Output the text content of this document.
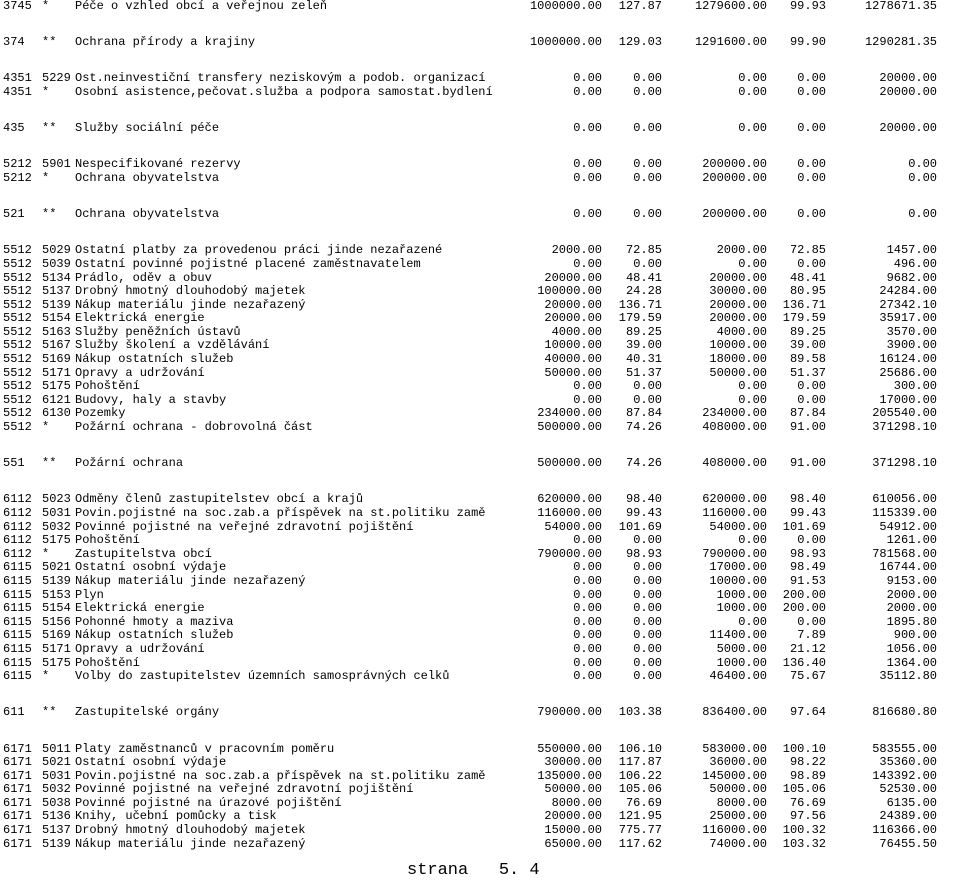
3745 * Péče o vzhled obcí a veřejnou zeleň	1000000.00 127.87	1279600.00 99.93	1278671.35
374 ** Ochrana přírody a krajiny	1000000.00 129.03	1291600.00 99.90	1290281.35
4351 5229 Ost.neinvestiční transfery neziskovým a podob. organizací	0.00	0.00	0.00	0.00	20000.00
4351 * Osobní asistence,pečovat.služba a podpora samostat.bydlení	0.00	0.00	0.00	0.00	20000.00
435 ** Služby sociální péče	0.00	0.00	0.00	0.00	20000.00
5212 5901 Nespecifikované rezervy	0.00	0.00	200000.00	0.00	0.00
5212 * Ochrana obyvatelstva	0.00	0.00	200000.00	0.00	0.00
521 ** Ochrana obyvatelstva	0.00	0.00	200000.00	0.00	0.00
5512 5029 Ostatní platby za provedenou práci jinde nezařazené	2000.00 72.85	2000.00 72.85	1457.00
5512 5039 Ostatní povinné pojistné placené zaměstnavatelem	0.00	0.00	0.00	0.00	496.00
5512 5134 Prádlo, oděv a obuv	20000.00 48.41	20000.00 48.41	9682.00
5512 5137 Drobný hmotný dlouhodobý majetek	100000.00 24.28	30000.00 80.95	24284.00
5512 5139 Nákup materiálu jinde nezařazený	20000.00 136.71	20000.00 136.71	27342.10
5512 5154 Elektrická energie	20000.00 179.59	20000.00 179.59	35917.00
5512 5163 Služby peněžních ústavů	4000.00 89.25	4000.00 89.25	3570.00
5512 5167 Služby školení a vzdělávání	10000.00 39.00	10000.00 39.00	3900.00
5512 5169 Nákup ostatních služeb	40000.00 40.31	18000.00 89.58	16124.00
5512 5171 Opravy a udržování	50000.00 51.37	50000.00 51.37	25686.00
5512 5175 Pohoštění	0.00	0.00	0.00	0.00	300.00
5512 6121 Budovy, haly a stavby	0.00	0.00	0.00	0.00	17000.00
5512 6130 Pozemky	234000.00 87.84	234000.00 87.84	205540.00
5512 * Požární ochrana - dobrovolná část	500000.00 74.26	408000.00 91.00	371298.10
551 ** Požární ochrana	500000.00 74.26	408000.00 91.00	371298.10
6112 5023 Odměny členů zastupitelstev obcí a krajů	620000.00 98.40	620000.00 98.40	610056.00
6112 5031 Povin.pojistné na soc.zab.a příspěvek na st.politiku zamě	116000.00 99.43	116000.00 99.43	115339.00
6112 5032 Povinné pojistné na veřejné zdravotní pojištění	54000.00 101.69	54000.00 101.69	54912.00
6112 5175 Pohoštění	0.00	0.00	0.00	0.00	1261.00
6112 * Zastupitelstva obcí	790000.00 98.93	790000.00 98.93	781568.00
6115 5021 Ostatní osobní výdaje	0.00	0.00	17000.00 98.49	16744.00
6115 5139 Nákup materiálu jinde nezařazený	0.00	0.00	10000.00 91.53	9153.00
6115 5153 Plyn	0.00	0.00	1000.00 200.00	2000.00
6115 5154 Elektrická energie	0.00	0.00	1000.00 200.00	2000.00
6115 5156 Pohonné hmoty a maziva	0.00	0.00	0.00	0.00	1895.80
6115 5169 Nákup ostatních služeb	0.00	0.00	11400.00	7.89	900.00
6115 5171 Opravy a udržování	0.00	0.00	5000.00 21.12	1056.00
6115 5175 Pohoštění	0.00	0.00	1000.00 136.40	1364.00
6115 * Volby do zastupitelstev územních samosprávných celků	0.00	0.00	46400.00 75.67	35112.80
611 ** Zastupitelské orgány	790000.00 103.38	836400.00 97.64	816680.80
6171 5011 Platy zaměstnanců v pracovním poměru	550000.00 106.10	583000.00 100.10	583555.00
6171 5021 Ostatní osobní výdaje	30000.00 117.87	36000.00 98.22	35360.00
6171 5031 Povin.pojistné na soc.zab.a příspěvek na st.politiku zamě	135000.00 106.22	145000.00 98.89	143392.00
6171 5032 Povinné pojistné na veřejné zdravotní pojištění	50000.00 105.06	50000.00 105.06	52530.00
6171 5038 Povinné pojistné na úrazové pojištění	8000.00 76.69	8000.00 76.69	6135.00
6171 5136 Knihy, učební pomůcky a tisk	20000.00 121.95	25000.00 97.56	24389.00
6171 5137 Drobný hmotný dlouhodobý majetek	15000.00 775.77	116000.00 100.32	116366.00
6171 5139 Nákup materiálu jinde nezařazený	65000.00 117.62	74000.00 103.32	76455.50
strana   5. 4
